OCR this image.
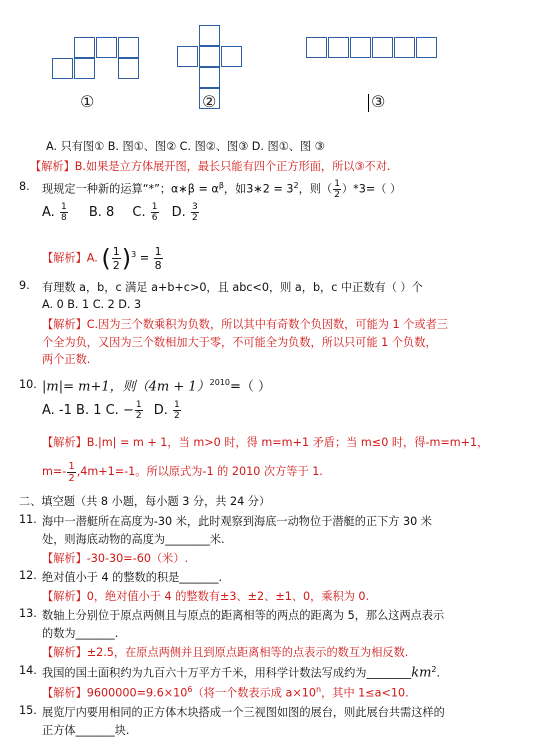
①	②	③
A. 只有图① B. 图①、图② C. 图②、图③ D. 图①、图 ③
【解析】B.如果是立方体展开图，最长只能有四个正方形面，所以③不对.
8. 现规定一种新的运算“*”；α∗β = $\alpha^\beta$，如3∗2 = $3^2$，则（ $\frac{1}{2} )*3=$（ ）
A. $\frac{1}{8} B$. 8 C. $\frac{1}{6} D$. $\frac{3}{2}$
【解析】A. ( $\frac{1}{2} )^3 = \frac{1}{8}$
9. 有理数 a，b，c 满足 a+b+c>0，且 abc<0，则 a，b，c 中正数有（ ）个
A. 0 B. 1 C. 2 D. 3
【解析】C.因为三个数乘积为负数，所以其中有奇数个负因数，可能为 1 个或者三
个全为负，又因为三个数相加大于零，不可能全为负数，所以只可能 1 个负数，
两个正数.
10. |m|= m+1，则$(4m + 1)^{2010}=$（ ）
A. -1 B. 1 C. − $\frac{1}{2} D$. $\frac{1}{2}$
【解析】B.|m| = m + 1，当 m>0 时，得 m=m+1 矛盾；当 m≤0 时，得-m=m+1，
$m=- \frac{1}{2} ,4m+1=-1$。所以原式为-1 的 2010 次方等于 1.
二、填空题（共 8 小题，每小题 3 分，共 24 分）
11. 海中一潜艇所在高度为-30 米，此时观察到海底一动物位于潜艇的正下方 30 米
处，则海底动物的高度为________米.
【解析】-30-30=-60（米）.
12. 绝对值小于 4 的整数的积是_______.
【解析】0，绝对值小于 4 的整数有±3、±2、±1、0，乘积为 0.
13. 数轴上分别位于原点两侧且与原点的距离相等的两点的距离为 5，那么这两点表示
的数为_______.
【解析】±2.5，在原点两侧并且到原点距离相等的点表示的数互为相反数.
14. 我国的国土面积约为九百六十万平方千米，用科学计数法写成约为$\_\_\_\_\_\_\_\_km^2$.
【解析】$9600000=9.6\times 10^6$（将一个数表示成 $a\times 10^n$，其中 1≤a<10.
15. 展览厅内要用相同的正方体木块搭成一个三视图如图的展台，则此展台共需这样的
正方体_______块.
